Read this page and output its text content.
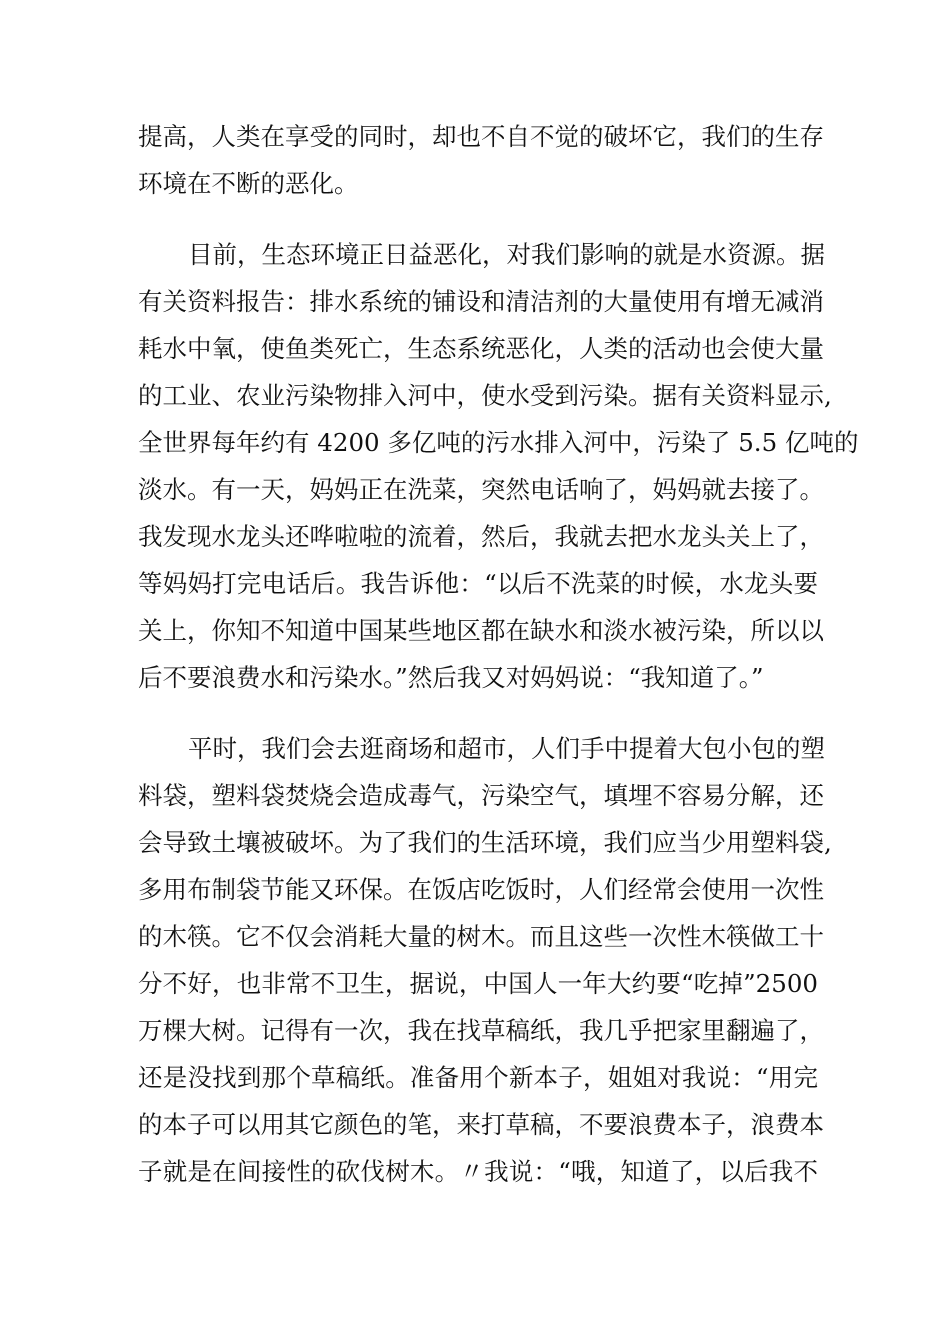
提高，人类在享受的同时，却也不自不觉的破坏它，我们的生存
环境在不断的恶化。
目前，生态环境正日益恶化，对我们影响的就是水资源。据
有关资料报告：排水系统的铺设和清洁剂的大量使用有增无减消
耗水中氧，使鱼类死亡，生态系统恶化，人类的活动也会使大量
的工业、农业污染物排入河中，使水受到污染。据有关资料显示,
全世界每年约有 4200 多亿吨的污水排入河中，污染了 5.5 亿吨的
淡水。有一天，妈妈正在洗菜，突然电话响了，妈妈就去接了。
我发现水龙头还哗啦啦的流着，然后，我就去把水龙头关上了，
等妈妈打完电话后。我告诉他：“以后不洗菜的时候，水龙头要
关上，你知不知道中国某些地区都在缺水和淡水被污染，所以以
后不要浪费水和污染水。”然后我又对妈妈说：“我知道了。”
平时，我们会去逛商场和超市，人们手中提着大包小包的塑
料袋，塑料袋焚烧会造成毒气，污染空气，填埋不容易分解，还
会导致土壤被破坏。为了我们的生活环境，我们应当少用塑料袋,
多用布制袋节能又环保。在饭店吃饭时，人们经常会使用一次性
的木筷。它不仅会消耗大量的树木。而且这些一次性木筷做工十
分不好，也非常不卫生，据说，中国人一年大约要“吃掉”2500
万棵大树。记得有一次，我在找草稿纸，我几乎把家里翻遍了，
还是没找到那个草稿纸。准备用个新本子，姐姐对我说：“用完
的本子可以用其它颜色的笔，来打草稿，不要浪费本子，浪费本
子就是在间接性的砍伐树木。〃我说：“哦，知道了，以后我不
